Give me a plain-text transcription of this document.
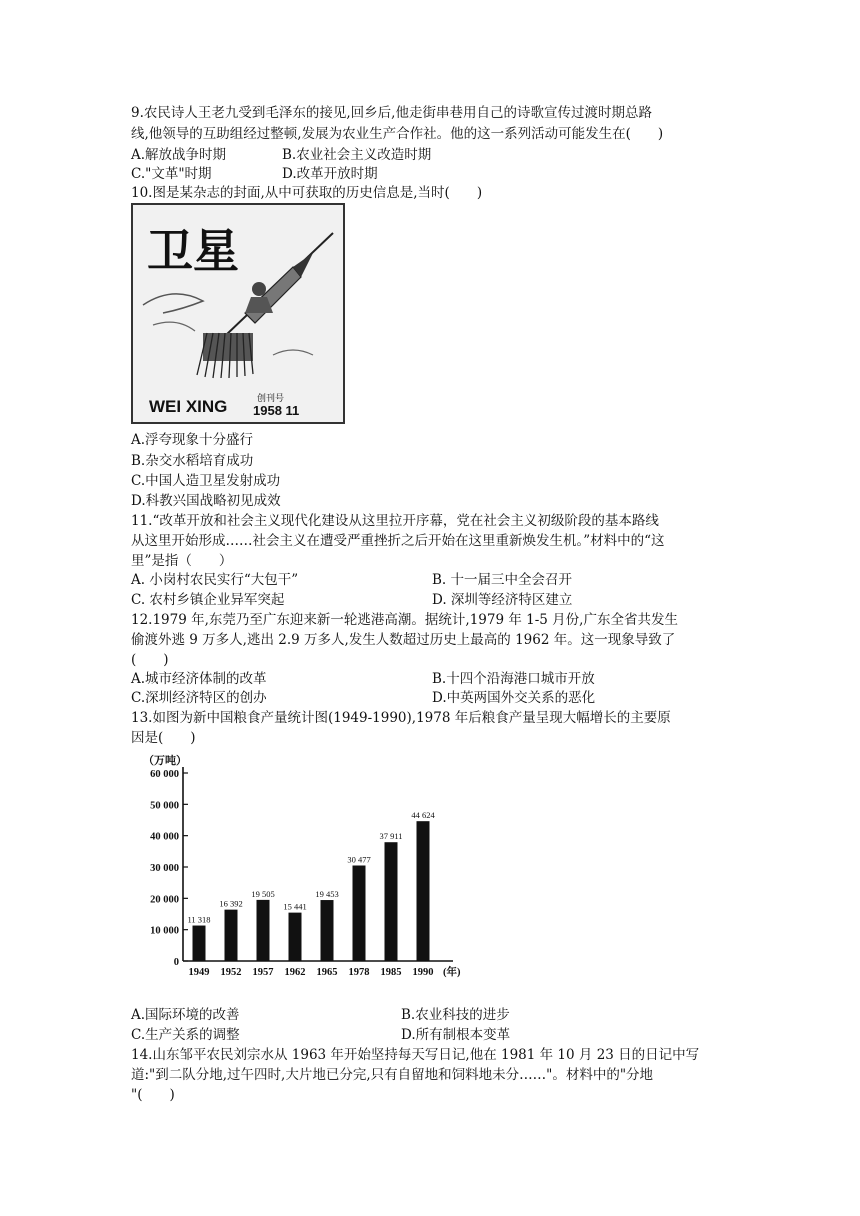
9.农民诗人王老九受到毛泽东的接见,回乡后,他走街串巷用自己的诗歌宣传过渡时期总路
线,他领导的互助组经过整顿,发展为农业生产合作社。他的这一系列活动可能发生在(　　)
A.解放战争时期	B.农业社会主义改造时期
C."文革"时期	D.改革开放时期
10.图是某杂志的封面,从中可获取的历史信息是,当时(　　)
卫星
WEI XING	创刊号
1958 11
A.浮夸现象十分盛行
B.杂交水稻培育成功
C.中国人造卫星发射成功
D.科教兴国战略初见成效
11.“改革开放和社会主义现代化建设从这里拉开序幕，党在社会主义初级阶段的基本路线
从这里开始形成……社会主义在遭受严重挫折之后开始在这里重新焕发生机。”材料中的“这
里”是指（　　）
A. 小岗村农民实行“大包干”	B. 十一届三中全会召开
C. 农村乡镇企业异军突起	D. 深圳等经济特区建立
12.1979 年,东莞乃至广东迎来新一轮逃港高潮。据统计,1979 年 1-5 月份,广东全省共发生
偷渡外逃 9 万多人,逃出 2.9 万多人,发生人数超过历史上最高的 1962 年。这一现象导致了
(　　)
A.城市经济体制的改革	B.十四个沿海港口城市开放
C.深圳经济特区的创办	D.中英两国外交关系的恶化
13.如图为新中国粮食产量统计图(1949-1990),1978 年后粮食产量呈现大幅增长的主要原
因是(　　)
（万吨）
0
10 000
20 000
30 000
40 000
50 000
60 000
11 318
1949
16 392
1952
19 505
1957
15 441
1962
19 453
1965
30 477
1978
37 911
1985
44 624
1990 (年)
A.国际环境的改善	B.农业科技的进步
C.生产关系的调整	D.所有制根本变革
14.山东邹平农民刘宗水从 1963 年开始坚持每天写日记,他在 1981 年 10 月 23 日的日记中写
道:"到二队分地,过午四时,大片地已分完,只有自留地和饲料地未分……"。材料中的"分地
"(　　)
